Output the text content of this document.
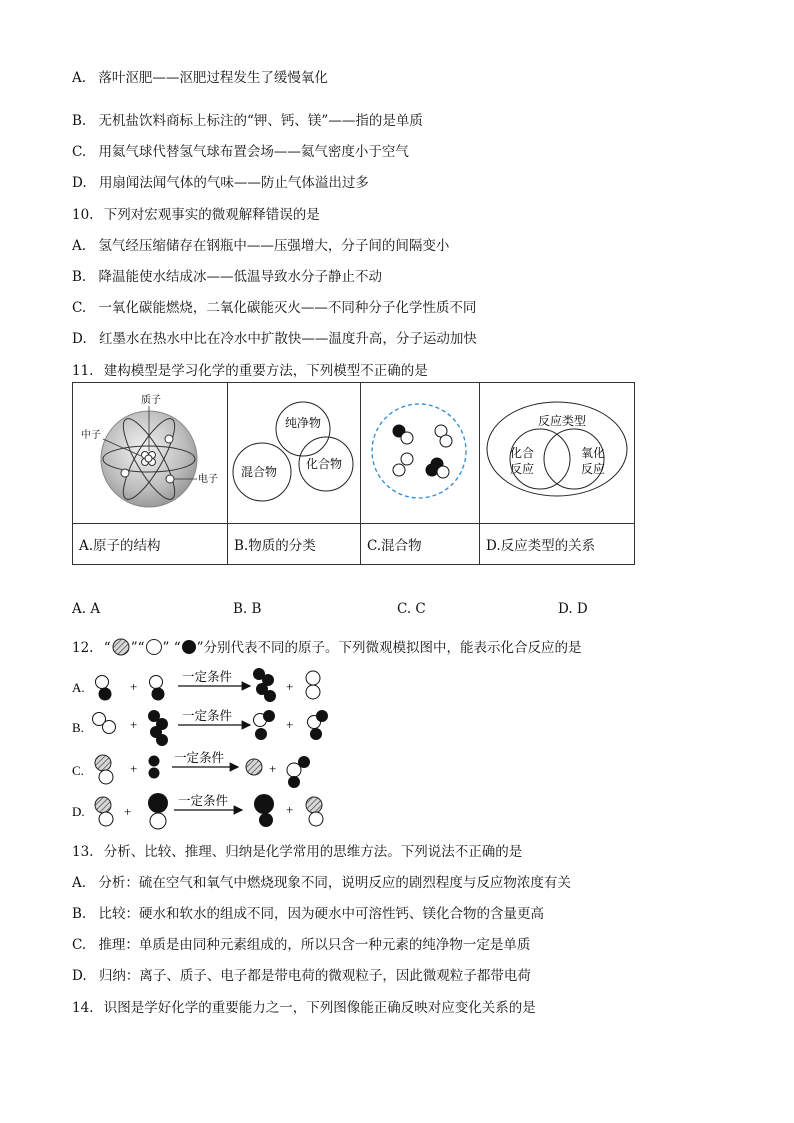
A. 落叶沤肥——沤肥过程发生了缓慢氧化
B. 无机盐饮料商标上标注的“钾、钙、镁”——指的是单质
C. 用氦气球代替氢气球布置会场——氦气密度小于空气
D. 用扇闻法闻气体的气味——防止气体溢出过多
10. 下列对宏观事实的微观解释错误的是
A. 氢气经压缩储存在钢瓶中——压强增大，分子间的间隔变小
B. 降温能使水结成冰——低温导致水分子静止不动
C. 一氧化碳能燃烧，二氧化碳能灭火——不同种分子化学性质不同
D. 红墨水在热水中比在冷水中扩散快——温度升高，分子运动加快
11. 建构模型是学习化学的重要方法，下列模型不正确的是
质子
中子
电子	纯净物
混合物
化合物		反应类型
化合
反应
氧化
反应

A.原子的结构	B.物质的分类	C.混合物	D.反应类型的关系
A. A	B. B	C. C	D. D
12. “ ”“ ” “ ”分别代表不同的原子。下列微观模拟图中，能表示化合反应的是
A.	+
一定条件
+
B.	+
一定条件
+
C.	+
一定条件
+
D.	+
一定条件
+
13. 分析、比较、推理、归纳是化学常用的思维方法。下列说法不正确的是
A. 分析：硫在空气和氧气中燃烧现象不同，说明反应的剧烈程度与反应物浓度有关
B. 比较：硬水和软水的组成不同，因为硬水中可溶性钙、镁化合物的含量更高
C. 推理：单质是由同种元素组成的，所以只含一种元素的纯净物一定是单质
D. 归纳：离子、质子、电子都是带电荷的微观粒子，因此微观粒子都带电荷
14. 识图是学好化学的重要能力之一，下列图像能正确反映对应变化关系的是
